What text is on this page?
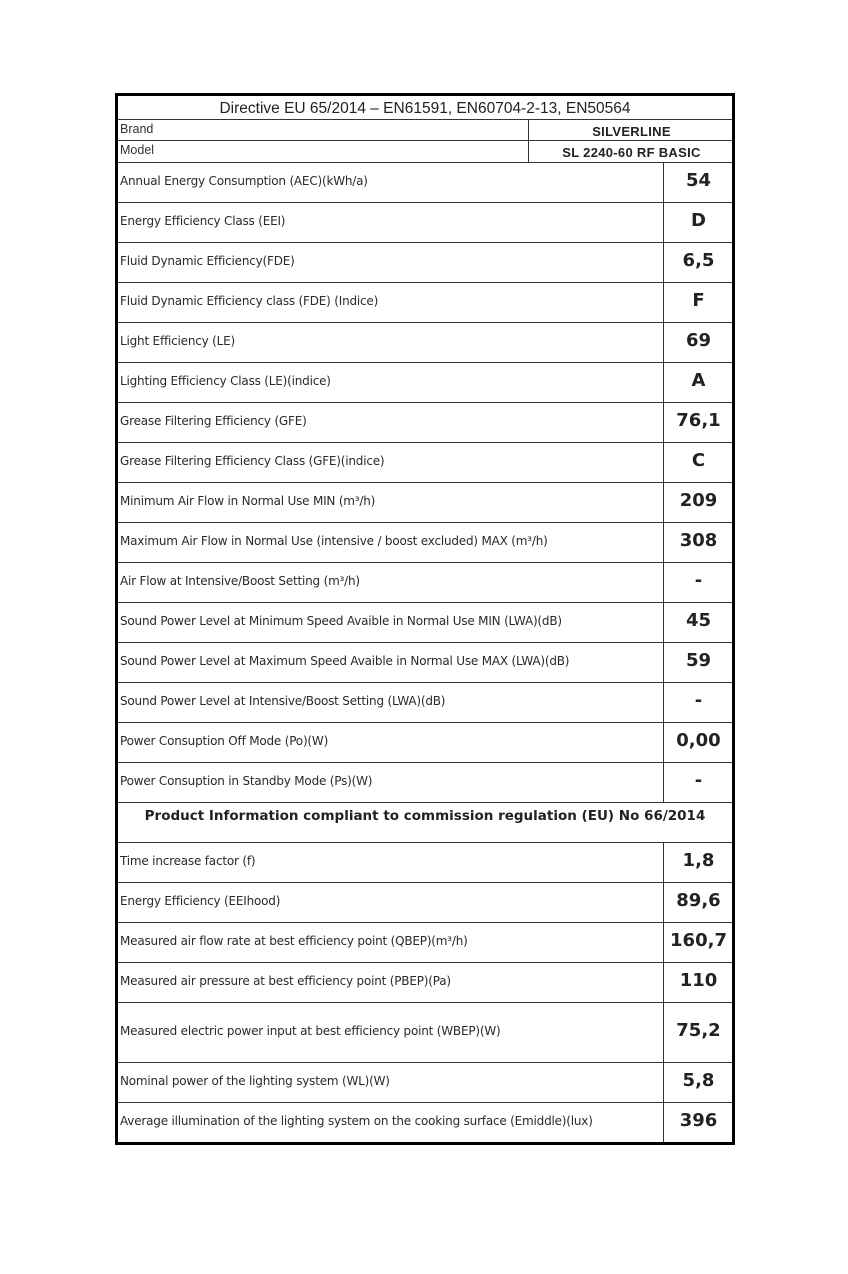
Directive EU 65/2014 – EN61591, EN60704-2-13, EN50564
Brand	SILVERLINE
Model	SL 2240-60 RF BASIC
Annual Energy Consumption (AEC)(kWh/a)	54
Energy Efficiency Class (EEI)	D
Fluid Dynamic Efficiency(FDE)	6,5
Fluid Dynamic Efficiency class (FDE) (Indice)	F
Light Efficiency (LE)	69
Lighting Efficiency Class (LE)(indice)	A
Grease Filtering Efficiency (GFE)	76,1
Grease Filtering Efficiency Class (GFE)(indice)	C
Minimum Air Flow in Normal Use MIN (m³/h)	209
Maximum Air Flow in Normal Use (intensive / boost excluded) MAX (m³/h)	308
Air Flow at Intensive/Boost Setting (m³/h)	-
Sound Power Level at Minimum Speed Avaible in Normal Use MIN (LWA)(dB)	45
Sound Power Level at Maximum Speed Avaible in Normal Use MAX (LWA)(dB)	59
Sound Power Level at Intensive/Boost Setting (LWA)(dB)	-
Power Consuption Off Mode (Po)(W)	0,00
Power Consuption in Standby Mode (Ps)(W)	-
Product Information compliant to commission regulation (EU) No 66/2014
Time increase factor (f)	1,8
Energy Efficiency (EEIhood)	89,6
Measured air flow rate at best efficiency point (QBEP)(m³/h)	160,7
Measured air pressure at best efficiency point (PBEP)(Pa)	110
Measured electric power input at best efficiency point (WBEP)(W)	75,2
Nominal power of the lighting system (WL)(W)	5,8
Average illumination of the lighting system on the cooking surface (Emiddle)(lux)	396
